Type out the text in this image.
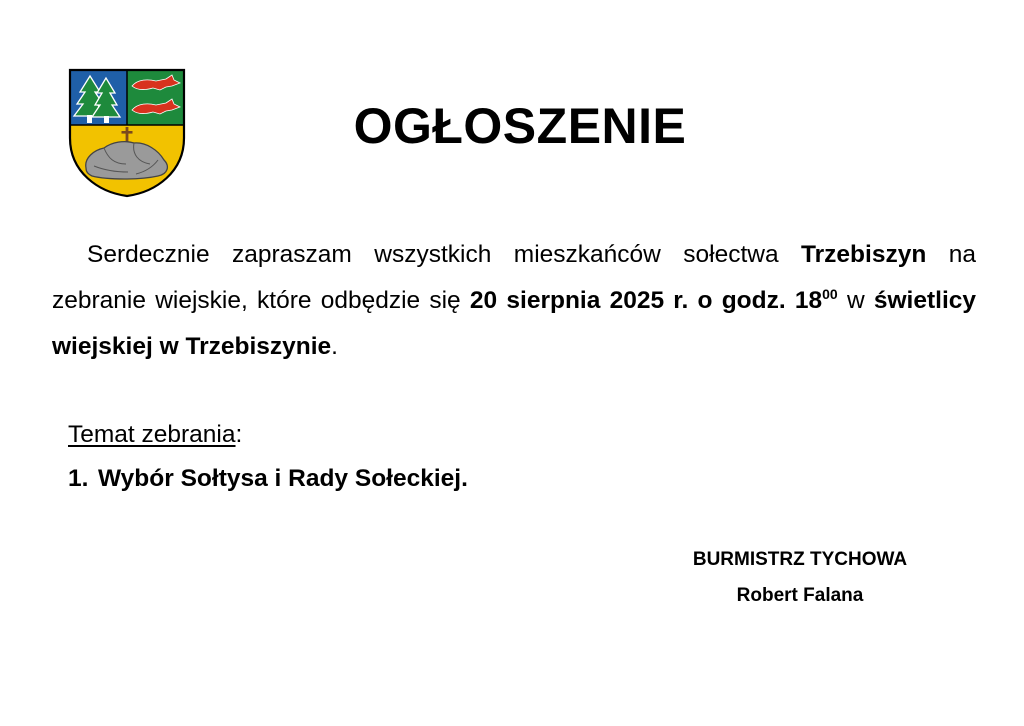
OGŁOSZENIE

Serdecznie zapraszam wszystkich mieszkańców sołectwa Trzebiszyn na zebranie wiejskie, które odbędzie się 20 sierpnia 2025 r. o godz. $18^{00}$ w świetlicy wiejskiej w Trzebiszynie.

Temat zebrania:
1. Wybór Sołtysa i Rady Sołeckiej.
BURMISTRZ TYCHOWA
Robert Falana
